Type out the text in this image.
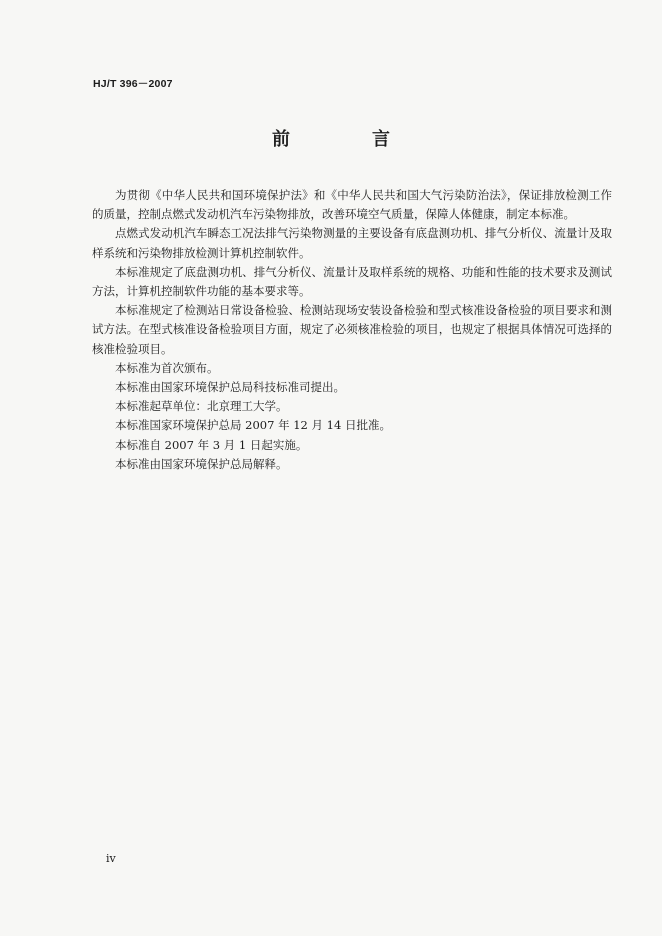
HJ/T 396－2007
前　言

为贯彻《中华人民共和国环境保护法》和《中华人民共和国大气污染防治法》，保证排放检测工作的质量，控制点燃式发动机汽车污染物排放，改善环境空气质量，保障人体健康，制定本标准。

点燃式发动机汽车瞬态工况法排气污染物测量的主要设备有底盘测功机、排气分析仪、流量计及取样系统和污染物排放检测计算机控制软件。

本标准规定了底盘测功机、排气分析仪、流量计及取样系统的规格、功能和性能的技术要求及测试方法，计算机控制软件功能的基本要求等。

本标准规定了检测站日常设备检验、检测站现场安装设备检验和型式核准设备检验的项目要求和测试方法。在型式核准设备检验项目方面，规定了必须核准检验的项目，也规定了根据具体情况可选择的核准检验项目。

本标准为首次颁布。

本标准由国家环境保护总局科技标准司提出。

本标准起草单位：北京理工大学。

本标准国家环境保护总局 2007 年 12 月 14 日批准。

本标准自 2007 年 3 月 1 日起实施。

本标准由国家环境保护总局解释。

iv
